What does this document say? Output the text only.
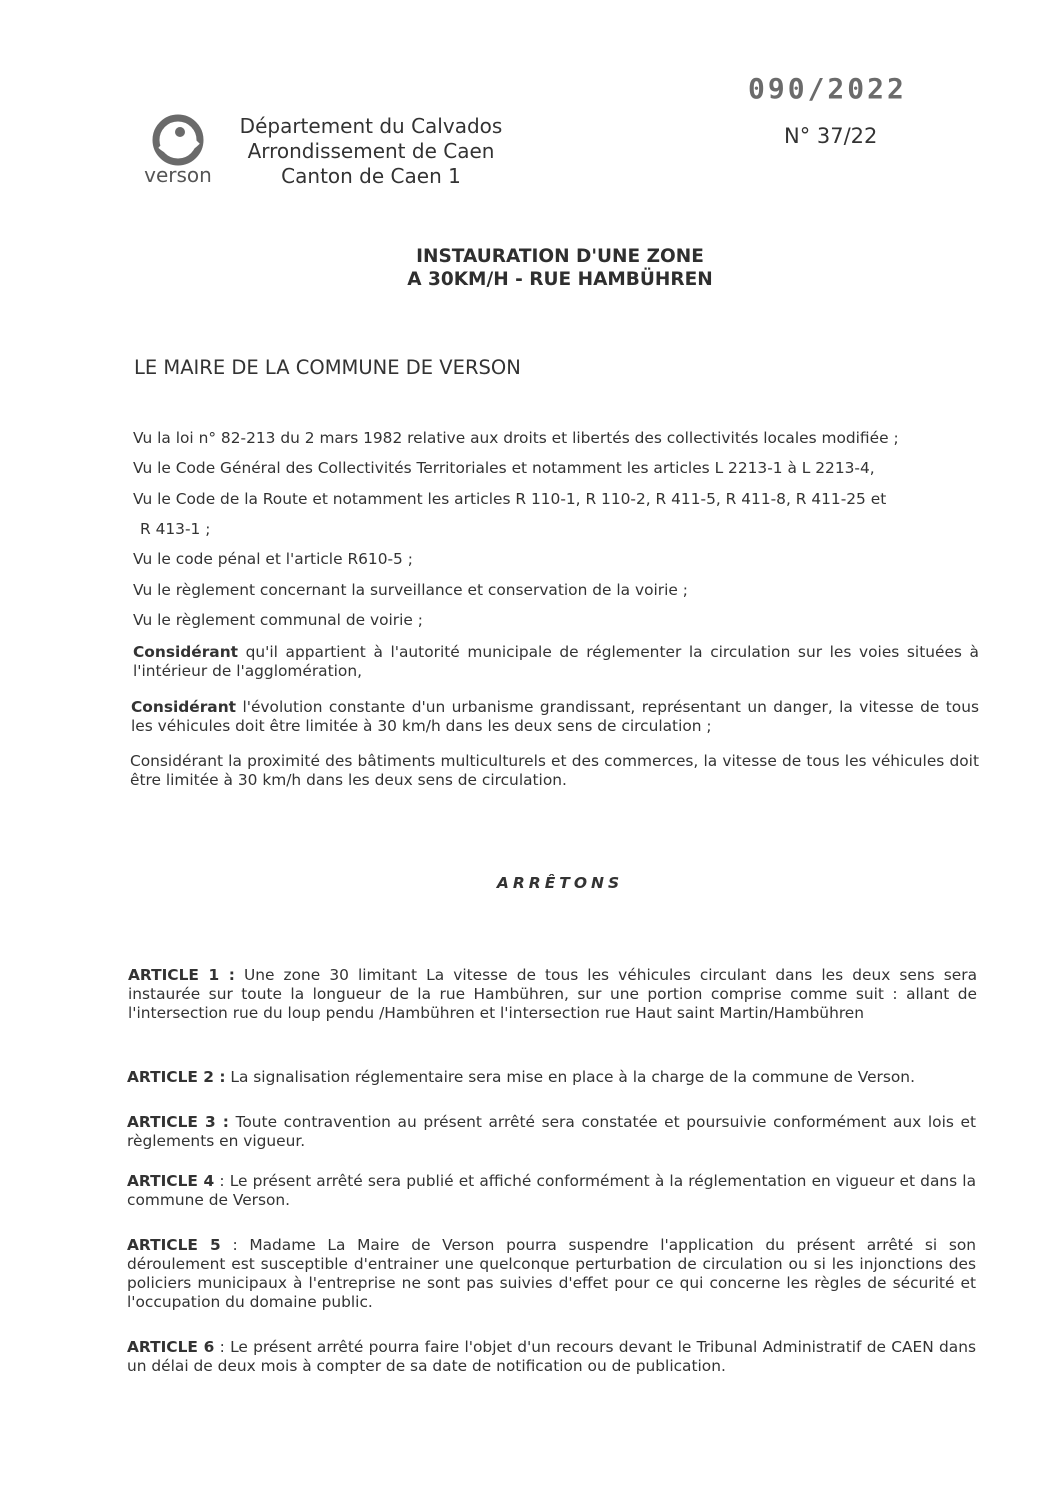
090/2022
verson
Département du Calvados
Arrondissement de Caen
Canton de Caen 1
N° 37/22
INSTAURATION D'UNE ZONE
A 30KM/H - RUE HAMBÜHREN
LE MAIRE DE LA COMMUNE DE VERSON
Vu la loi n° 82-213 du 2 mars 1982 relative aux droits et libertés des collectivités locales modifiée ;
Vu le Code Général des Collectivités Territoriales et notamment les articles L 2213-1 à L 2213-4,
Vu le Code de la Route et notamment les articles R 110-1, R 110-2, R 411-5, R 411-8, R 411-25 et
R 413-1 ;
Vu le code pénal et l'article R610-5 ;
Vu le règlement concernant la surveillance et conservation de la voirie ;
Vu le règlement communal de voirie ;
Considérant qu'il appartient à l'autorité municipale de réglementer la circulation sur les voies situées à l'intérieur de l'agglomération,
Considérant l'évolution constante d'un urbanisme grandissant, représentant un danger, la vitesse de tous les véhicules doit être limitée à 30 km/h dans les deux sens de circulation ;
Considérant la proximité des bâtiments multiculturels et des commerces, la vitesse de tous les véhicules doit être limitée à 30 km/h dans les deux sens de circulation.
ARRÊTONS
ARTICLE 1 : Une zone 30 limitant La vitesse de tous les véhicules circulant dans les deux sens sera instaurée sur toute la longueur de la rue Hambühren, sur une portion comprise comme suit : allant de l'intersection rue du loup pendu /Hambühren et l'intersection rue Haut saint Martin/Hambühren
ARTICLE 2 : La signalisation réglementaire sera mise en place à la charge de la commune de Verson.
ARTICLE 3 : Toute contravention au présent arrêté sera constatée et poursuivie conformément aux lois et règlements en vigueur.
ARTICLE 4 : Le présent arrêté sera publié et affiché conformément à la réglementation en vigueur et dans la commune de Verson.
ARTICLE 5 : Madame La Maire de Verson pourra suspendre l'application du présent arrêté si son déroulement est susceptible d'entrainer une quelconque perturbation de circulation ou si les injonctions des policiers municipaux à l'entreprise ne sont pas suivies d'effet pour ce qui concerne les règles de sécurité et l'occupation du domaine public.
ARTICLE 6 : Le présent arrêté pourra faire l'objet d'un recours devant le Tribunal Administratif de CAEN dans un délai de deux mois à compter de sa date de notification ou de publication.
